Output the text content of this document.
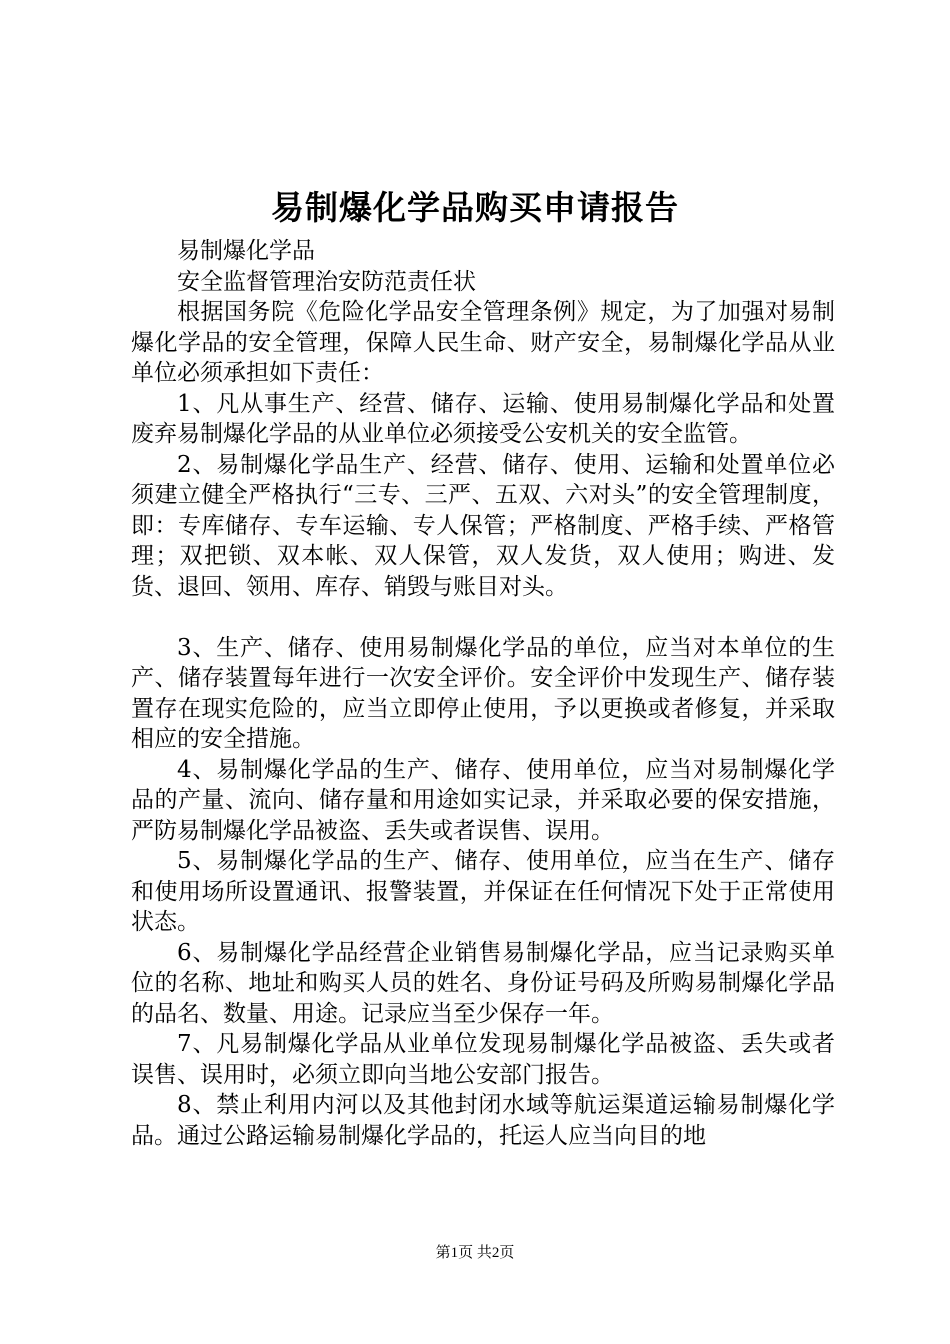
易制爆化学品购买申请报告

易制爆化学品

安全监督管理治安防范责任状

根据国务院《危险化学品安全管理条例》规定，为了加强对易制爆化学品的安全管理，保障人民生命、财产安全，易制爆化学品从业单位必须承担如下责任：

1、凡从事生产、经营、储存、运输、使用易制爆化学品和处置废弃易制爆化学品的从业单位必须接受公安机关的安全监管。

2、易制爆化学品生产、经营、储存、使用、运输和处置单位必须建立健全严格执行“三专、三严、五双、六对头”的安全管理制度，即：专库储存、专车运输、专人保管；严格制度、严格手续、严格管理；双把锁、双本帐、双人保管，双人发货，双人使用；购进、发货、退回、领用、库存、销毁与账目对头。

3、生产、储存、使用易制爆化学品的单位，应当对本单位的生产、储存装置每年进行一次安全评价。安全评价中发现生产、储存装置存在现实危险的，应当立即停止使用，予以更换或者修复，并采取相应的安全措施。

4、易制爆化学品的生产、储存、使用单位，应当对易制爆化学品的产量、流向、储存量和用途如实记录，并采取必要的保安措施，严防易制爆化学品被盗、丢失或者误售、误用。

5、易制爆化学品的生产、储存、使用单位，应当在生产、储存和使用场所设置通讯、报警装置，并保证在任何情况下处于正常使用状态。

6、易制爆化学品经营企业销售易制爆化学品，应当记录购买单位的名称、地址和购买人员的姓名、身份证号码及所购易制爆化学品的品名、数量、用途。记录应当至少保存一年。

7、凡易制爆化学品从业单位发现易制爆化学品被盗、丢失或者误售、误用时，必须立即向当地公安部门报告。

8、禁止利用内河以及其他封闭水域等航运渠道运输易制爆化学品。通过公路运输易制爆化学品的，托运人应当向目的地

第1页 共2页
